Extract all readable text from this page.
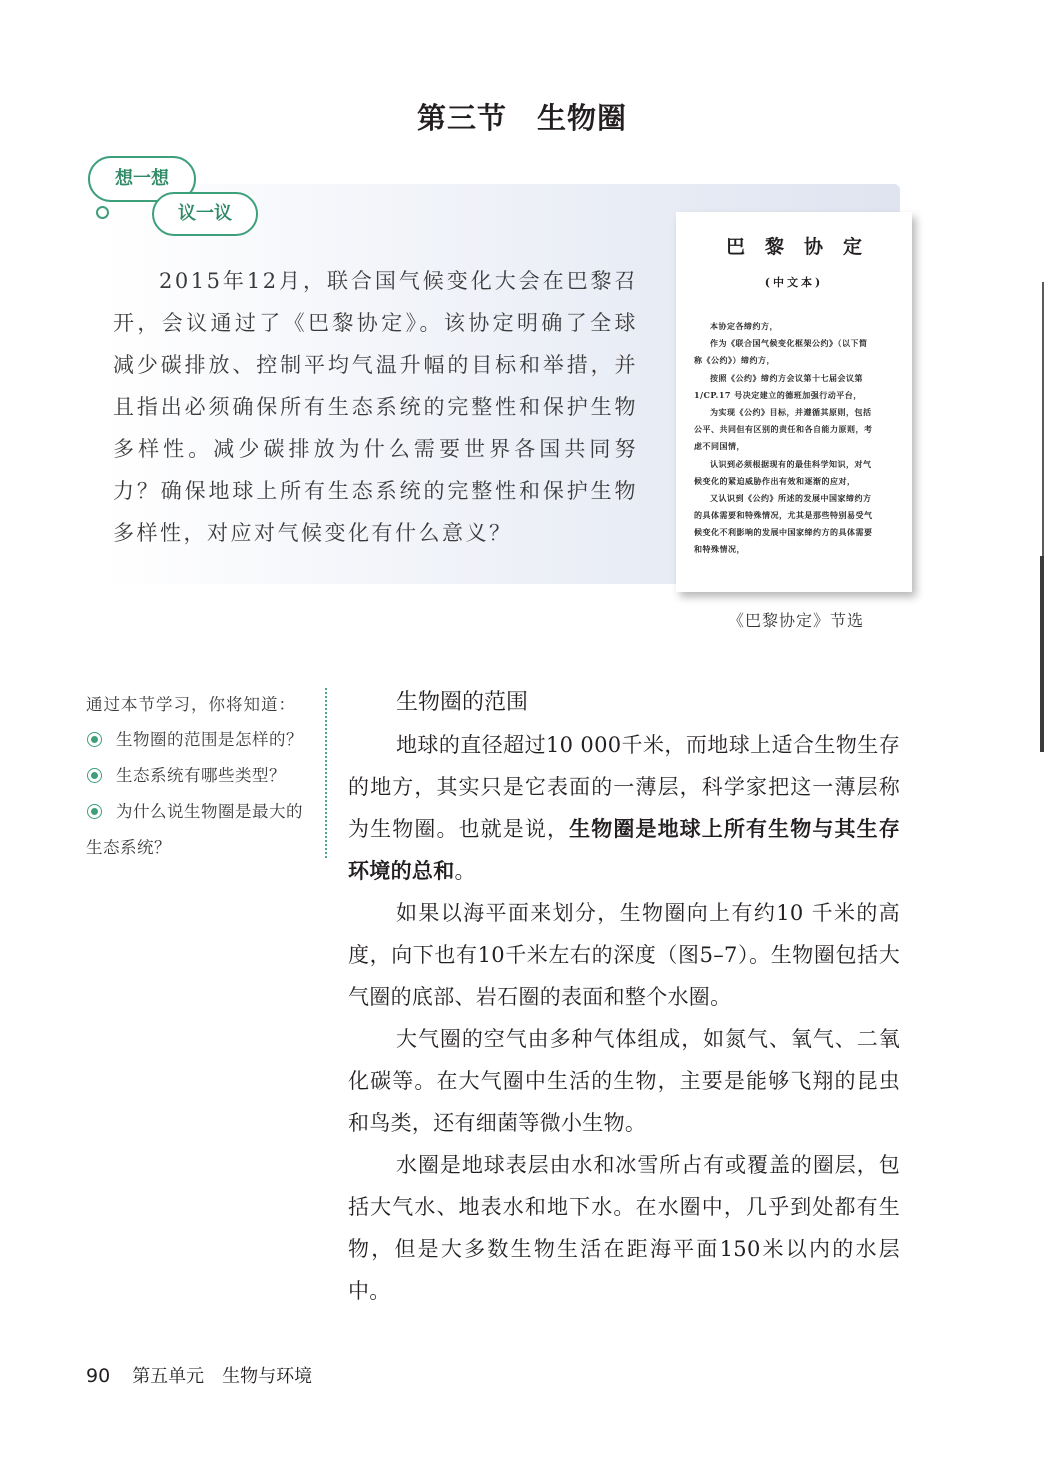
第三节　生物圈
想一想
议一议
2015年12月，联合国气候变化大会在巴黎召开，会议通过了《巴黎协定》。该协定明确了全球减少碳排放、控制平均气温升幅的目标和举措，并且指出必须确保所有生态系统的完整性和保护生物多样性。减少碳排放为什么需要世界各国共同努力？确保地球上所有生态系统的完整性和保护生物多样性，对应对气候变化有什么意义？
巴黎协定
(中文本)
本协定各缔约方，
作为《联合国气候变化框架公约》（以下简
称《公约》）缔约方，
按照《公约》缔约方会议第十七届会议第
1/CP.17 号决定建立的德班加强行动平台，
为实现《公约》目标，并遵循其原则，包括
公平、共同但有区别的责任和各自能力原则，考
虑不同国情，
认识到必须根据现有的最佳科学知识，对气
候变化的紧迫威胁作出有效和逐渐的应对，
又认识到《公约》所述的发展中国家缔约方
的具体需要和特殊情况，尤其是那些特别易受气
候变化不利影响的发展中国家缔约方的具体需要
和特殊情况，
《巴黎协定》节选
通过本节学习，你将知道：
生物圈的范围是怎样的？
生态系统有哪些类型？
为什么说生物圈是最大的
生态系统？
生物圈的范围

地球的直径超过10 000千米，而地球上适合生物生存的地方，其实只是它表面的一薄层，科学家把这一薄层称为生物圈。也就是说，生物圈是地球上所有生物与其生存环境的总和。

如果以海平面来划分，生物圈向上有约10 千米的高度，向下也有10千米左右的深度（图5–7）。生物圈包括大气圈的底部、岩石圈的表面和整个水圈。

大气圈的空气由多种气体组成，如氮气、氧气、二氧化碳等。在大气圈中生活的生物，主要是能够飞翔的昆虫和鸟类，还有细菌等微小生物。

水圈是地球表层由水和冰雪所占有或覆盖的圈层，包括大气水、地表水和地下水。在水圈中，几乎到处都有生物，但是大多数生物生活在距海平面150米以内的水层中。

90 第五单元　生物与环境
